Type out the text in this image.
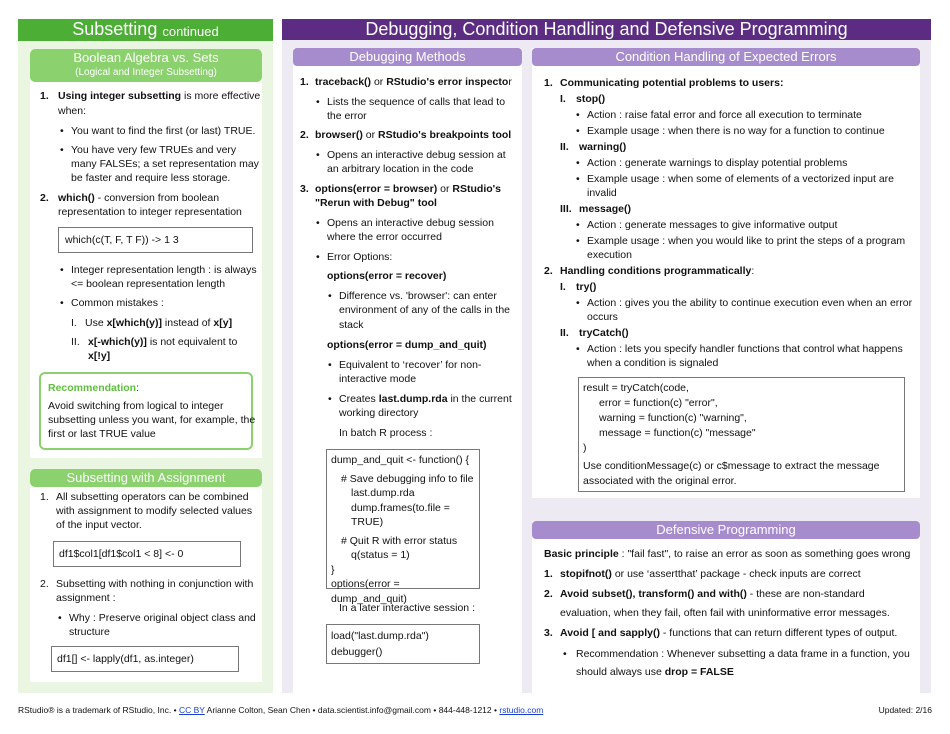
Subsetting
continued
Boolean Algebra vs. Sets
(Logical and Integer Subsetting)
1. Using integer subsetting is more effective
when:
• You want to find the first (or last) TRUE.
• You have very few TRUEs and very
many FALSEs; a set representation may
be faster and require less storage.
2. which() - conversion from boolean
representation to integer representation
which(c(T, F, T F)) -> 1 3
• Integer representation length : is always
<= boolean representation length
• Common mistakes :
I. Use x[which(y)] instead of x[y]
II. x[-which(y)] is not equivalent to
x[!y]
Recommendation:
Avoid switching from logical to integer
subsetting unless you want, for example, the
first or last TRUE value
Subsetting with Assignment
1. All subsetting operators can be combined
with assignment to modify selected values
of the input vector.
df1$col1[df1$col1 < 8] <- 0
2. Subsetting with nothing in conjunction with
assignment :
• Why : Preserve original object class and
structure
df1[] <- lapply(df1, as.integer)
Debugging, Condition Handling and Defensive Programming
Debugging Methods
1. traceback() or RStudio's error inspector
• Lists the sequence of calls that lead to
the error
2. browser() or RStudio's breakpoints tool
• Opens an interactive debug session at
an arbitrary location in the code
3. options(error = browser) or RStudio's
"Rerun with Debug" tool
• Opens an interactive debug session
where the error occurred
• Error Options:
options(error = recover)
• Difference vs. 'browser': can enter
environment of any of the calls in the
stack
options(error = dump_and_quit)
• Equivalent to ‘recover’ for non-
interactive mode
• Creates last.dump.rda in the current
working directory
In batch R process :
dump_and_quit <- function() {
# Save debugging info to file
last.dump.rda
dump.frames(to.file = TRUE)
# Quit R with error status
q(status = 1)
}
options(error = dump_and_quit)
In a later interactive session :
load("last.dump.rda")
debugger()
Condition Handling of Expected Errors
1. Communicating potential problems to users:
I. stop()
• Action : raise fatal error and force all execution to terminate
• Example usage : when there is no way for a function to continue
II. warning()
• Action : generate warnings to display potential problems
• Example usage : when some of elements of a vectorized input are
invalid
III. message()
• Action : generate messages to give informative output
• Example usage : when you would like to print the steps of a program
execution
2. Handling conditions programmatically:
I. try()
• Action : gives you the ability to continue execution even when an error
occurs
II. tryCatch()
• Action : lets you specify handler functions that control what happens
when a condition is signaled
result = tryCatch(code,
error = function(c) "error",
warning = function(c) "warning",
message = function(c) "message"
)
Use conditionMessage(c) or c$message to extract the message
associated with the original error.
Defensive Programming
Basic principle : "fail fast", to raise an error as soon as something goes wrong
1. stopifnot() or use ‘assertthat’ package - check inputs are correct
2. Avoid subset(), transform() and with() - these are non-standard
evaluation, when they fail, often fail with uninformative error messages.
3. Avoid [ and sapply() - functions that can return different types of output.
• Recommendation : Whenever subsetting a data frame in a function, you
should always use drop = FALSE
RStudio® is a trademark of RStudio, Inc. • CC BY Arianne Colton, Sean Chen • data.scientist.info@gmail.com • 844-448-1212 • rstudio.com	Updated: 2/16
